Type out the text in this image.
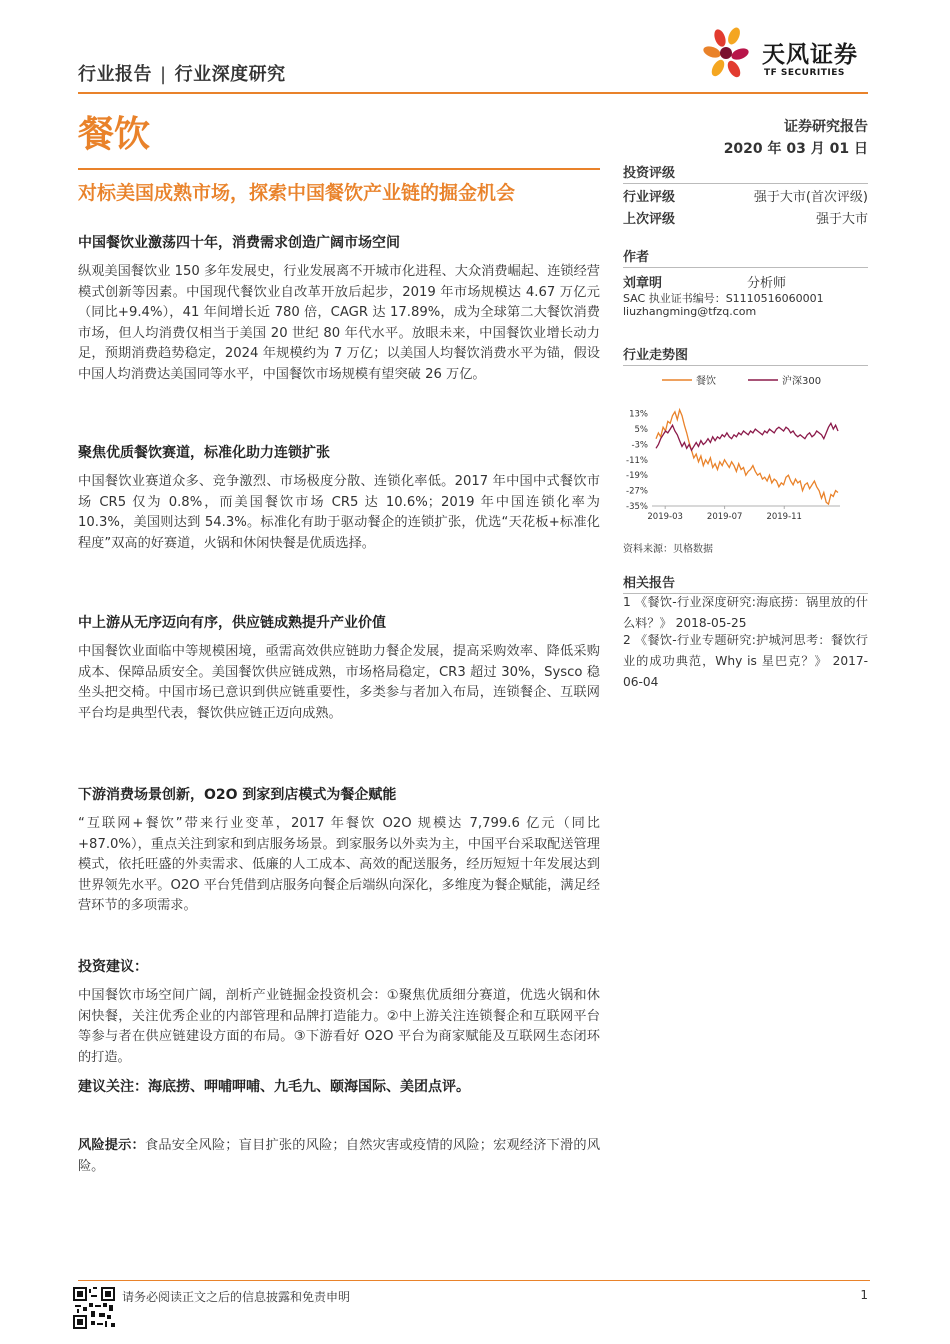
行业报告 | 行业深度研究
天风证券
TF SECURITIES
餐饮	证券研究报告
2020 年 03 月 01 日
对标美国成熟市场，探索中国餐饮产业链的掘金机会
中国餐饮业激荡四十年，消费需求创造广阔市场空间
纵观美国餐饮业 150 多年发展史，行业发展离不开城市化进程、大众消费崛起、连锁经营模式创新等因素。中国现代餐饮业自改革开放后起步，2019 年市场规模达 4.67 万亿元（同比+9.4%），41 年间增长近 780 倍，CAGR 达 17.89%，成为全球第二大餐饮消费市场，但人均消费仅相当于美国 20 世纪 80 年代水平。放眼未来，中国餐饮业增长动力足，预期消费趋势稳定，2024 年规模约为 7 万亿；以美国人均餐饮消费水平为锚，假设中国人均消费达美国同等水平，中国餐饮市场规模有望突破 26 万亿。
聚焦优质餐饮赛道，标准化助力连锁扩张
中国餐饮业赛道众多、竞争激烈、市场极度分散、连锁化率低。2017 年中国中式餐饮市场 CR5 仅为 0.8%，而美国餐饮市场 CR5 达 10.6%；2019 年中国连锁化率为 10.3%，美国则达到 54.3%。标准化有助于驱动餐企的连锁扩张，优选“天花板+标准化程度”双高的好赛道，火锅和休闲快餐是优质选择。
中上游从无序迈向有序，供应链成熟提升产业价值
中国餐饮业面临中等规模困境，亟需高效供应链助力餐企发展，提高采购效率、降低采购成本、保障品质安全。美国餐饮供应链成熟，市场格局稳定，CR3 超过 30%，Sysco 稳坐头把交椅。中国市场已意识到供应链重要性，多类参与者加入布局，连锁餐企、互联网平台均是典型代表，餐饮供应链正迈向成熟。
下游消费场景创新，O2O 到家到店模式为餐企赋能
“互联网+餐饮”带来行业变革，2017 年餐饮 O2O 规模达 7,799.6 亿元（同比+87.0%），重点关注到家和到店服务场景。到家服务以外卖为主，中国平台采取配送管理模式，依托旺盛的外卖需求、低廉的人工成本、高效的配送服务，经历短短十年发展达到世界领先水平。O2O 平台凭借到店服务向餐企后端纵向深化，多维度为餐企赋能，满足经营环节的多项需求。
投资建议：
中国餐饮市场空间广阔，剖析产业链掘金投资机会：①聚焦优质细分赛道，优选火锅和休闲快餐，关注优秀企业的内部管理和品牌打造能力。②中上游关注连锁餐企和互联网平台等参与者在供应链建设方面的布局。③下游看好 O2O 平台为商家赋能及互联网生态闭环的打造。
建议关注：海底捞、呷哺呷哺、九毛九、颐海国际、美团点评。
风险提示：食品安全风险；盲目扩张的风险；自然灾害或疫情的风险；宏观经济下滑的风险。
投资评级
行业评级	强于大市(首次评级)
上次评级	强于大市
作者
刘章明	分析师
SAC 执业证书编号：S1110516060001
liuzhangming@tfzq.com
行业走势图
餐饮	沪深300
13%
5%
-3%
-11%
-19%
-27%
-35%
2019-03	2019-07	2019-11
资料来源：贝格数据
相关报告
1 《餐饮-行业深度研究:海底捞：锅里放的什么料？》 2018-05-25
2 《餐饮-行业专题研究:护城河思考：餐饮行业的成功典范，Why is 星巴克？》 2017-06-04
请务必阅读正文之后的信息披露和免责申明	1
